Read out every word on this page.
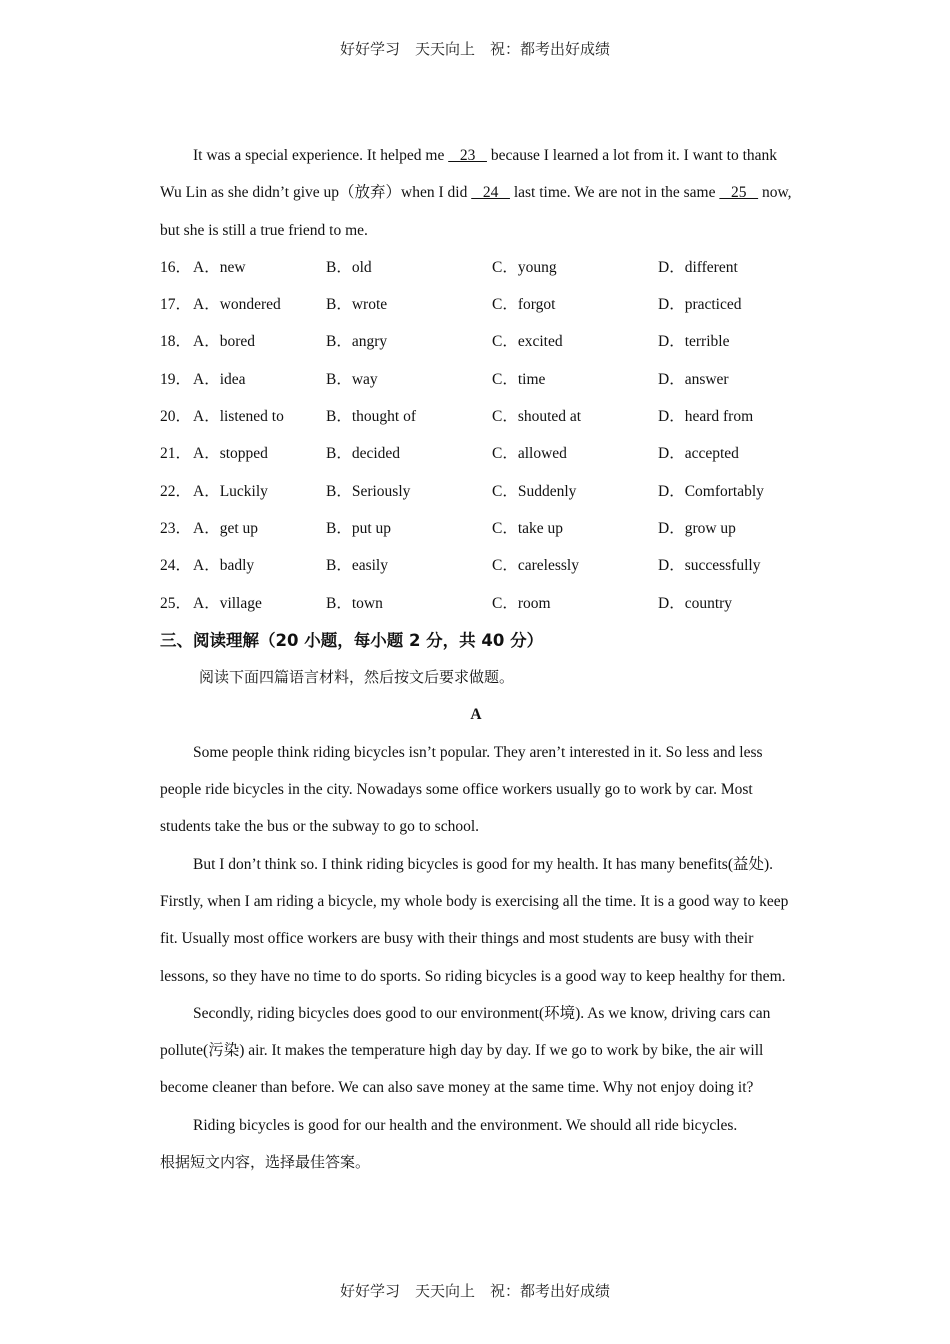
好好学习　天天向上　祝：都考出好成绩

It was a special experience. It helped me    23    because I learned a lot from it. I want to thank Wu Lin as she didn’t give up（放弃）when I did    24    last time. We are not in the same    25    now, but she is still a true friend to me.

16． A．new	B．old	C．young	D．different
17． A．wondered	B．wrote	C．forgot	D．practiced
18． A．bored	B．angry	C．excited	D．terrible
19． A．idea	B．way	C．time	D．answer
20． A．listened to	B．thought of	C．shouted at	D．heard from
21． A．stopped	B．decided	C．allowed	D．accepted
22． A．Luckily	B．Seriously	C．Suddenly	D．Comfortably
23． A．get up	B．put up	C．take up	D．grow up
24． A．badly	B．easily	C．carelessly	D．successfully
25． A．village	B．town	C．room	D．country

三、阅读理解（20 小题，每小题 2 分，共 40 分）

阅读下面四篇语言材料，然后按文后要求做题。

A

Some people think riding bicycles isn’t popular. They aren’t interested in it. So less and less people ride bicycles in the city. Nowadays some office workers usually go to work by car. Most students take the bus or the subway to go to school.

But I don’t think so. I think riding bicycles is good for my health. It has many benefits(益处). Firstly, when I am riding a bicycle, my whole body is exercising all the time. It is a good way to keep fit. Usually most office workers are busy with their things and most students are busy with their lessons, so they have no time to do sports. So riding bicycles is a good way to keep healthy for them.

Secondly, riding bicycles does good to our environment(环境). As we know, driving cars can pollute(污染) air. It makes the temperature high day by day. If we go to work by bike, the air will become cleaner than before. We can also save money at the same time. Why not enjoy doing it?

Riding bicycles is good for our health and the environment. We should all ride bicycles.

根据短文内容，选择最佳答案。

好好学习　天天向上　祝：都考出好成绩
